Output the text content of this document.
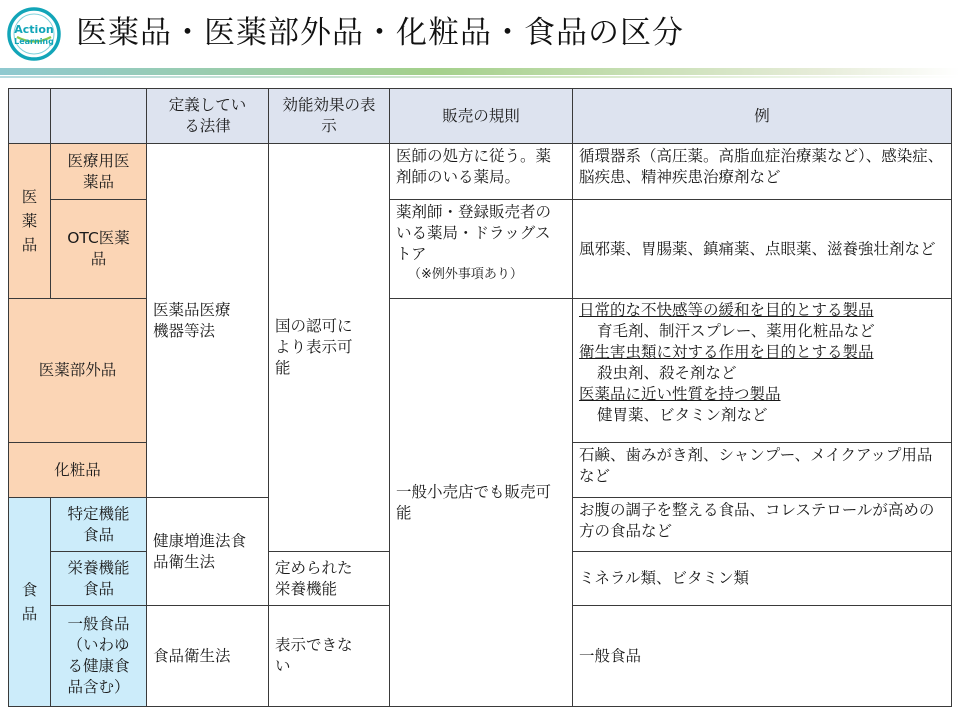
Action
Learning 医薬品・医薬部外品・化粧品・食品の区分
定義している法律
効能効果の表示
販売の規則	例
医薬品
食品
医療用医薬品
OTC医薬品
医薬部外品
化粧品
特定機能食品
栄養機能食品
一般食品（いわゆる健康食品含む）
医薬品医療機器等法
健康増進法食品衛生法
食品衛生法
国の認可により表示可能
定められた栄養機能
表示できない
医師の処方に従う。薬剤師のいる薬局。
薬剤師・登録販売者のいる薬局・ドラッグストア
（※例外事項あり）
一般小売店でも販売可能
循環器系（高圧薬。高脂血症治療薬など）、感染症、脳疾患、精神疾患治療剤など
風邪薬、胃腸薬、鎮痛薬、点眼薬、滋養強壮剤など
日常的な不快感等の緩和を目的とする製品
育毛剤、制汗スプレー、薬用化粧品など
衛生害虫類に対する作用を目的とする製品
殺虫剤、殺そ剤など
医薬品に近い性質を持つ製品
健胃薬、ビタミン剤など
石鹸、歯みがき剤、シャンプー、メイクアップ用品など
お腹の調子を整える食品、コレステロールが高めの方の食品など
ミネラル類、ビタミン類
一般食品
